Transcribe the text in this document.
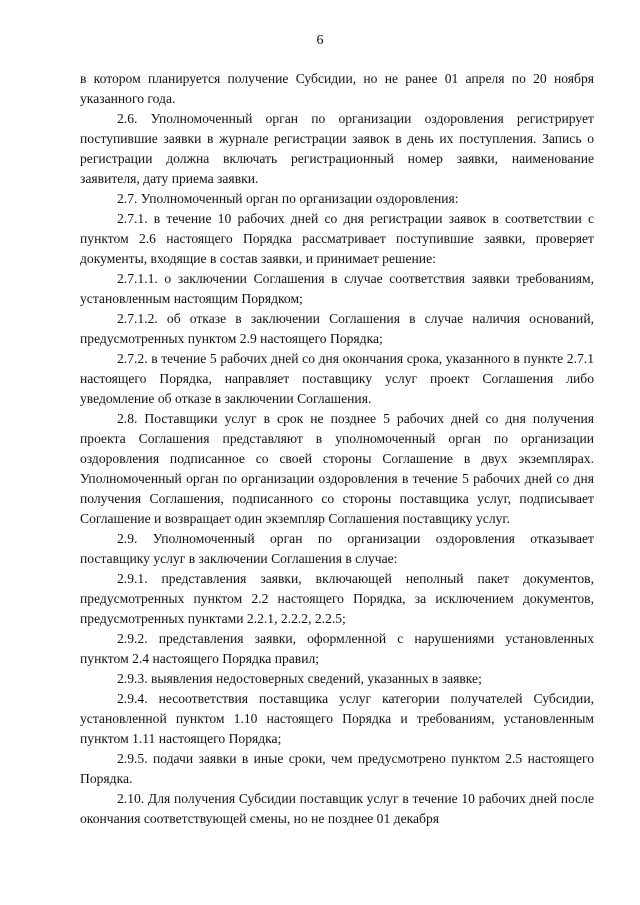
6

в котором планируется получение Субсидии, но не ранее 01 апреля по 20 ноября указанного года.

2.6. Уполномоченный орган по организации оздоровления регистрирует поступившие заявки в журнале регистрации заявок в день их поступления. Запись о регистрации должна включать регистрационный номер заявки, наименование заявителя, дату приема заявки.

2.7. Уполномоченный орган по организации оздоровления:

2.7.1. в течение 10 рабочих дней со дня регистрации заявок в соответствии с пунктом 2.6 настоящего Порядка рассматривает поступившие заявки, проверяет документы, входящие в состав заявки, и принимает решение:

2.7.1.1. о заключении Соглашения в случае соответствия заявки требованиям, установленным настоящим Порядком;

2.7.1.2. об отказе в заключении Соглашения в случае наличия оснований, предусмотренных пунктом 2.9 настоящего Порядка;

2.7.2. в течение 5 рабочих дней со дня окончания срока, указанного в пункте 2.7.1 настоящего Порядка, направляет поставщику услуг проект Соглашения либо уведомление об отказе в заключении Соглашения.

2.8. Поставщики услуг в срок не позднее 5 рабочих дней со дня получения проекта Соглашения представляют в уполномоченный орган по организации оздоровления подписанное со своей стороны Соглашение в двух экземплярах. Уполномоченный орган по организации оздоровления в течение 5 рабочих дней со дня получения Соглашения, подписанного со стороны поставщика услуг, подписывает Соглашение и возвращает один экземпляр Соглашения поставщику услуг.

2.9. Уполномоченный орган по организации оздоровления отказывает поставщику услуг в заключении Соглашения в случае:

2.9.1. представления заявки, включающей неполный пакет документов, предусмотренных пунктом 2.2 настоящего Порядка, за исключением документов, предусмотренных пунктами 2.2.1, 2.2.2, 2.2.5;

2.9.2. представления заявки, оформленной с нарушениями установленных пунктом 2.4 настоящего Порядка правил;

2.9.3. выявления недостоверных сведений, указанных в заявке;

2.9.4. несоответствия поставщика услуг категории получателей Субсидии, установленной пунктом 1.10 настоящего Порядка и требованиям, установленным пунктом 1.11 настоящего Порядка;

2.9.5. подачи заявки в иные сроки, чем предусмотрено пунктом 2.5 настоящего Порядка.

2.10. Для получения Субсидии поставщик услуг в течение 10 рабочих дней после окончания соответствующей смены, но не позднее 01 декабря
